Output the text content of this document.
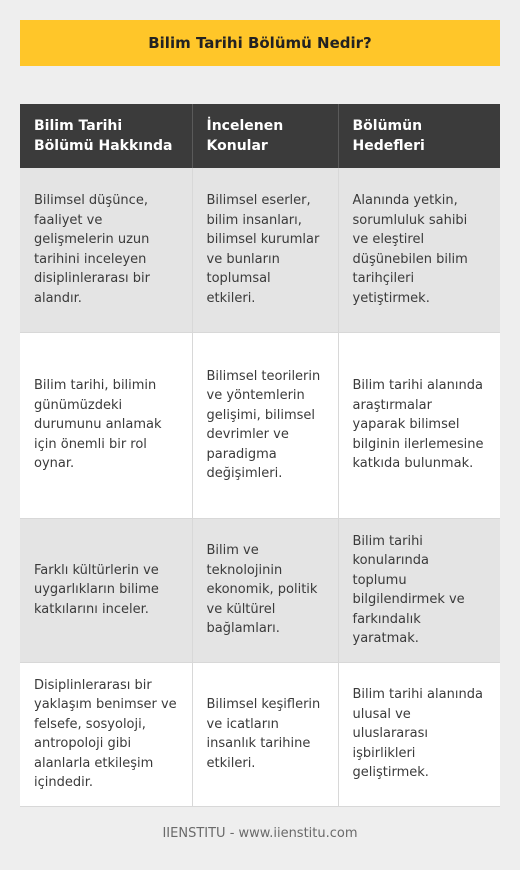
Bilim Tarihi Bölümü Nedir?
Bilim Tarihi Bölümü Hakkında	İncelenen Konular	Bölümün Hedefleri
Bilimsel düşünce, faaliyet ve gelişmelerin uzun tarihini inceleyen disiplinlerarası bir alandır.	Bilimsel eserler, bilim insanları, bilimsel kurumlar ve bunların toplumsal etkileri.	Alanında yetkin, sorumluluk sahibi ve eleştirel düşünebilen bilim tarihçileri yetiştirmek.
Bilim tarihi, bilimin günümüzdeki durumunu anlamak için önemli bir rol oynar.	Bilimsel teorilerin ve yöntemlerin gelişimi, bilimsel devrimler ve paradigma değişimleri.	Bilim tarihi alanında araştırmalar yaparak bilimsel bilginin ilerlemesine katkıda bulunmak.
Farklı kültürlerin ve uygarlıkların bilime katkılarını inceler.	Bilim ve teknolojinin ekonomik, politik ve kültürel bağlamları.	Bilim tarihi konularında toplumu bilgilendirmek ve farkındalık yaratmak.
Disiplinlerarası bir yaklaşım benimser ve felsefe, sosyoloji, antropoloji gibi alanlarla etkileşim içindedir.	Bilimsel keşiflerin ve icatların insanlık tarihine etkileri.	Bilim tarihi alanında ulusal ve uluslararası işbirlikleri geliştirmek.
IIENSTITU - www.iienstitu.com
